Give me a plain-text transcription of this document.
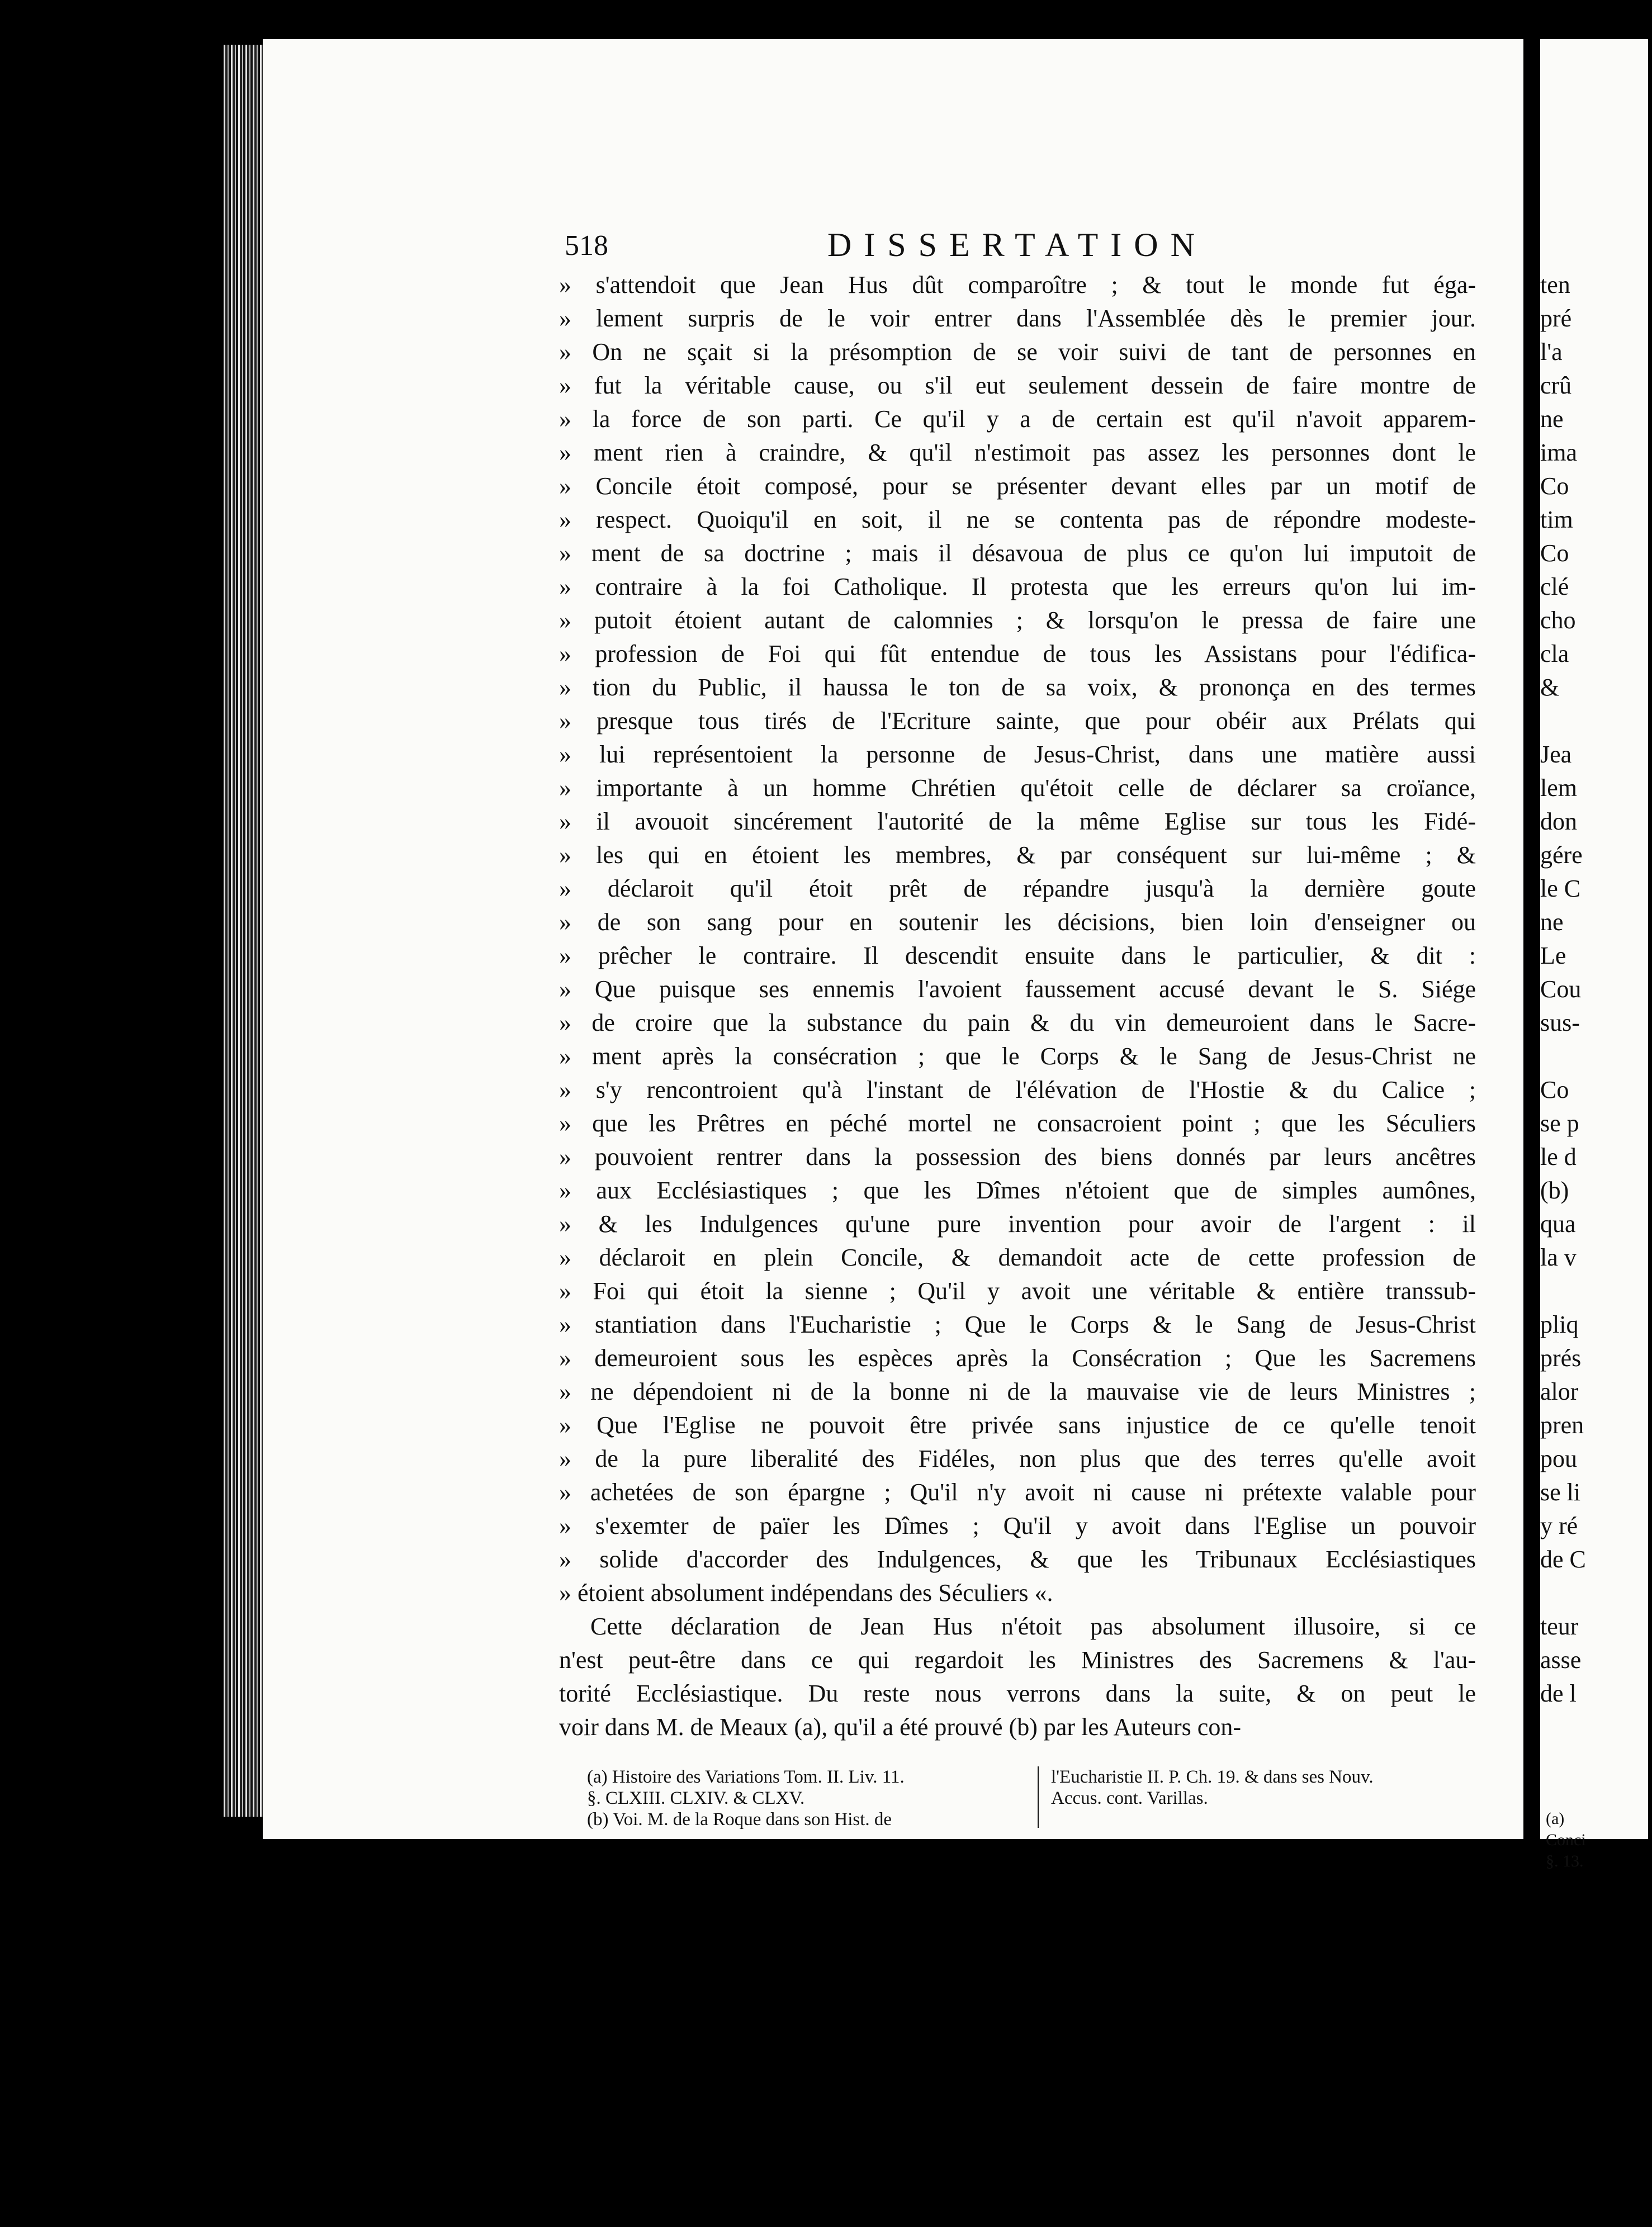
ten
pré
l'a
crû
ne
ima
Co
tim
Co
clé
cho
cla
&
Jea
lem
don
gére
le C
ne
Le
Cou
sus-
Co
se p
le d
(b)
qua
la v
pliq
prés
alor
pren
pou
se li
y ré
de C
teur
asse
de l
(a)
Conci
§. 13.
518	DISSERTATION
» s'attendoit que Jean Hus dût comparoître ; & tout le monde fut éga-
» lement surpris de le voir entrer dans l'Assemblée dès le premier jour.
» On ne sçait si la présomption de se voir suivi de tant de personnes en
» fut la véritable cause, ou s'il eut seulement dessein de faire montre de
» la force de son parti. Ce qu'il y a de certain est qu'il n'avoit apparem-
» ment rien à craindre, & qu'il n'estimoit pas assez les personnes dont le
» Concile étoit composé, pour se présenter devant elles par un motif de
» respect. Quoiqu'il en soit, il ne se contenta pas de répondre modeste-
» ment de sa doctrine ; mais il désavoua de plus ce qu'on lui imputoit de
» contraire à la foi Catholique. Il protesta que les erreurs qu'on lui im-
» putoit étoient autant de calomnies ; & lorsqu'on le pressa de faire une
» profession de Foi qui fût entendue de tous les Assistans pour l'édifica-
» tion du Public, il haussa le ton de sa voix, & prononça en des termes
» presque tous tirés de l'Ecriture sainte, que pour obéir aux Prélats qui
» lui représentoient la personne de Jesus-Christ, dans une matière aussi
» importante à un homme Chrétien qu'étoit celle de déclarer sa croïance,
» il avouoit sincérement l'autorité de la même Eglise sur tous les Fidé-
» les qui en étoient les membres, & par conséquent sur lui-même ; &
» déclaroit qu'il étoit prêt de répandre jusqu'à la dernière goute
» de son sang pour en soutenir les décisions, bien loin d'enseigner ou
» prêcher le contraire. Il descendit ensuite dans le particulier, & dit :
» Que puisque ses ennemis l'avoient faussement accusé devant le S. Siége
» de croire que la substance du pain & du vin demeuroient dans le Sacre-
» ment après la consécration ; que le Corps & le Sang de Jesus-Christ ne
» s'y rencontroient qu'à l'instant de l'élévation de l'Hostie & du Calice ;
» que les Prêtres en péché mortel ne consacroient point ; que les Séculiers
» pouvoient rentrer dans la possession des biens donnés par leurs ancêtres
» aux Ecclésiastiques ; que les Dîmes n'étoient que de simples aumônes,
» & les Indulgences qu'une pure invention pour avoir de l'argent : il
» déclaroit en plein Concile, & demandoit acte de cette profession de
» Foi qui étoit la sienne ; Qu'il y avoit une véritable & entière transsub-
» stantiation dans l'Eucharistie ; Que le Corps & le Sang de Jesus-Christ
» demeuroient sous les espèces après la Consécration ; Que les Sacremens
» ne dépendoient ni de la bonne ni de la mauvaise vie de leurs Ministres ;
» Que l'Eglise ne pouvoit être privée sans injustice de ce qu'elle tenoit
» de la pure liberalité des Fidéles, non plus que des terres qu'elle avoit
» achetées de son épargne ; Qu'il n'y avoit ni cause ni prétexte valable pour
» s'exemter de païer les Dîmes ; Qu'il y avoit dans l'Eglise un pouvoir
» solide d'accorder des Indulgences, & que les Tribunaux Ecclésiastiques
» étoient absolument indépendans des Séculiers «.
Cette déclaration de Jean Hus n'étoit pas absolument illusoire, si ce
n'est peut-être dans ce qui regardoit les Ministres des Sacremens & l'au-
torité Ecclésiastique. Du reste nous verrons dans la suite, & on peut le
voir dans M. de Meaux (a), qu'il a été prouvé (b) par les Auteurs con-
(a) Histoire des Variations Tom. II. Liv. 11.
§. CLXIII. CLXIV. & CLXV.
(b) Voi. M. de la Roque dans son Hist. de
l'Eucharistie II. P. Ch. 19. & dans ses Nouv.
Accus. cont. Varillas.
